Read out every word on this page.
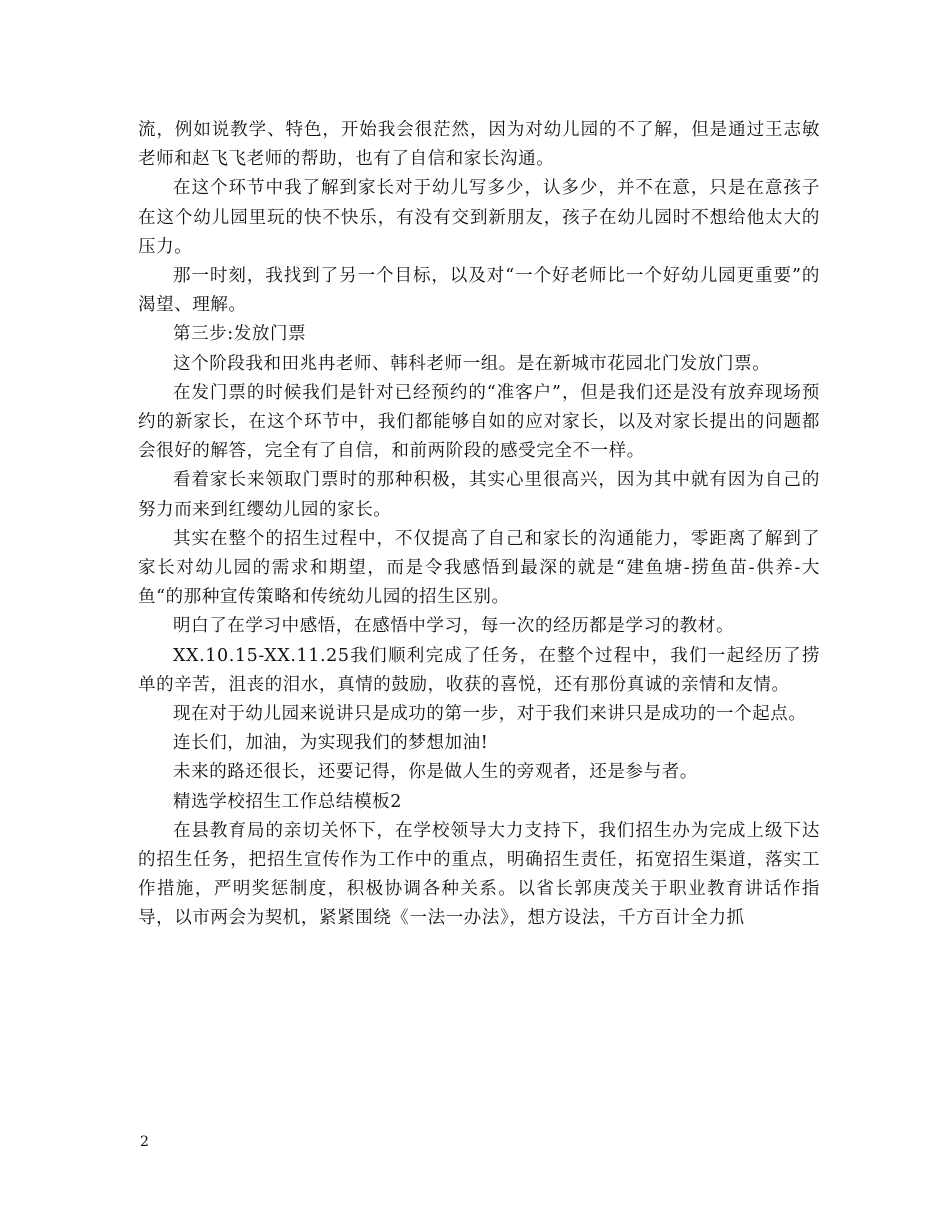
流，例如说教学、特色，开始我会很茫然，因为对幼儿园的不了解，但是通过王志敏老师和赵飞飞老师的帮助，也有了自信和家长沟通。

在这个环节中我了解到家长对于幼儿写多少，认多少，并不在意，只是在意孩子在这个幼儿园里玩的快不快乐，有没有交到新朋友，孩子在幼儿园时不想给他太大的压力。

那一时刻，我找到了另一个目标，以及对“一个好老师比一个好幼儿园更重要”的渴望、理解。

第三步:发放门票

这个阶段我和田兆冉老师、韩科老师一组。是在新城市花园北门发放门票。

在发门票的时候我们是针对已经预约的“准客户”，但是我们还是没有放弃现场预约的新家长，在这个环节中，我们都能够自如的应对家长，以及对家长提出的问题都会很好的解答，完全有了自信，和前两阶段的感受完全不一样。

看着家长来领取门票时的那种积极，其实心里很高兴，因为其中就有因为自己的努力而来到红缨幼儿园的家长。

其实在整个的招生过程中，不仅提高了自己和家长的沟通能力，零距离了解到了家长对幼儿园的需求和期望，而是令我感悟到最深的就是“建鱼塘-捞鱼苗-供养-大鱼“的那种宣传策略和传统幼儿园的招生区别。

明白了在学习中感悟，在感悟中学习，每一次的经历都是学习的教材。

XX.10.15-XX.11.25我们顺利完成了任务，在整个过程中，我们一起经历了捞单的辛苦，沮丧的泪水，真情的鼓励，收获的喜悦，还有那份真诚的亲情和友情。

现在对于幼儿园来说讲只是成功的第一步，对于我们来讲只是成功的一个起点。

连长们，加油，为实现我们的梦想加油!

未来的路还很长，还要记得，你是做人生的旁观者，还是参与者。

精选学校招生工作总结模板2

在县教育局的亲切关怀下，在学校领导大力支持下，我们招生办为完成上级下达的招生任务，把招生宣传作为工作中的重点，明确招生责任，拓宽招生渠道，落实工作措施，严明奖惩制度，积极协调各种关系。以省长郭庚茂关于职业教育讲话作指导，以市两会为契机，紧紧围绕《一法一办法》，想方设法，千方百计全力抓

2
